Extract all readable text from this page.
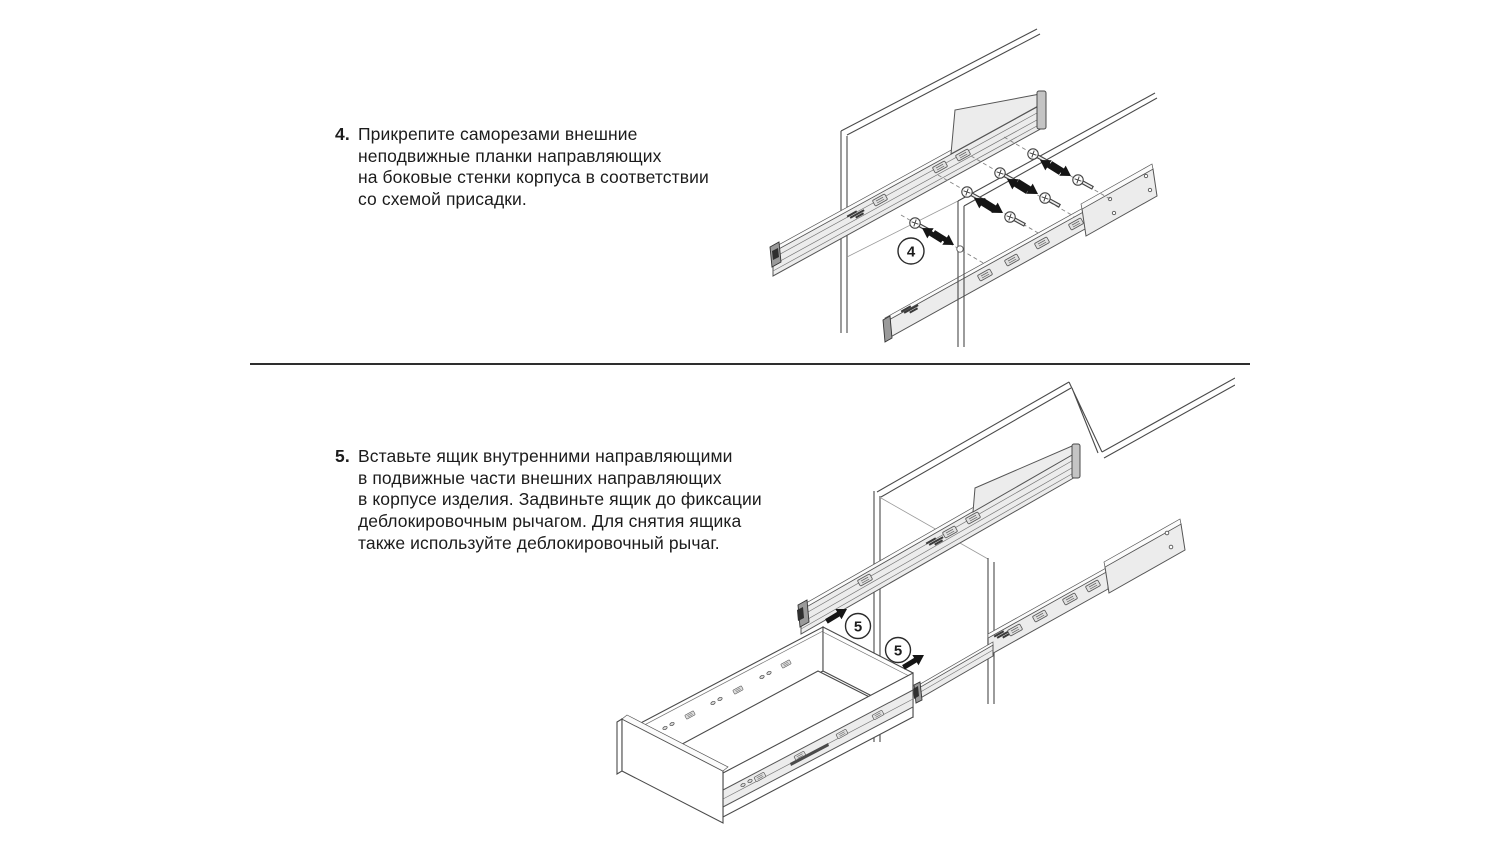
4. Прикрепите саморезами внешние
неподвижные планки направляющих
на боковые стенки корпуса в соответствии
со схемой присадки.
4
5. Вставьте ящик внутренними направляющими
в подвижные части внешних направляющих
в корпусе изделия. Задвиньте ящик до фиксации
деблокировочным рычагом. Для снятия ящика
также используйте деблокировочный рычаг.
5
5
